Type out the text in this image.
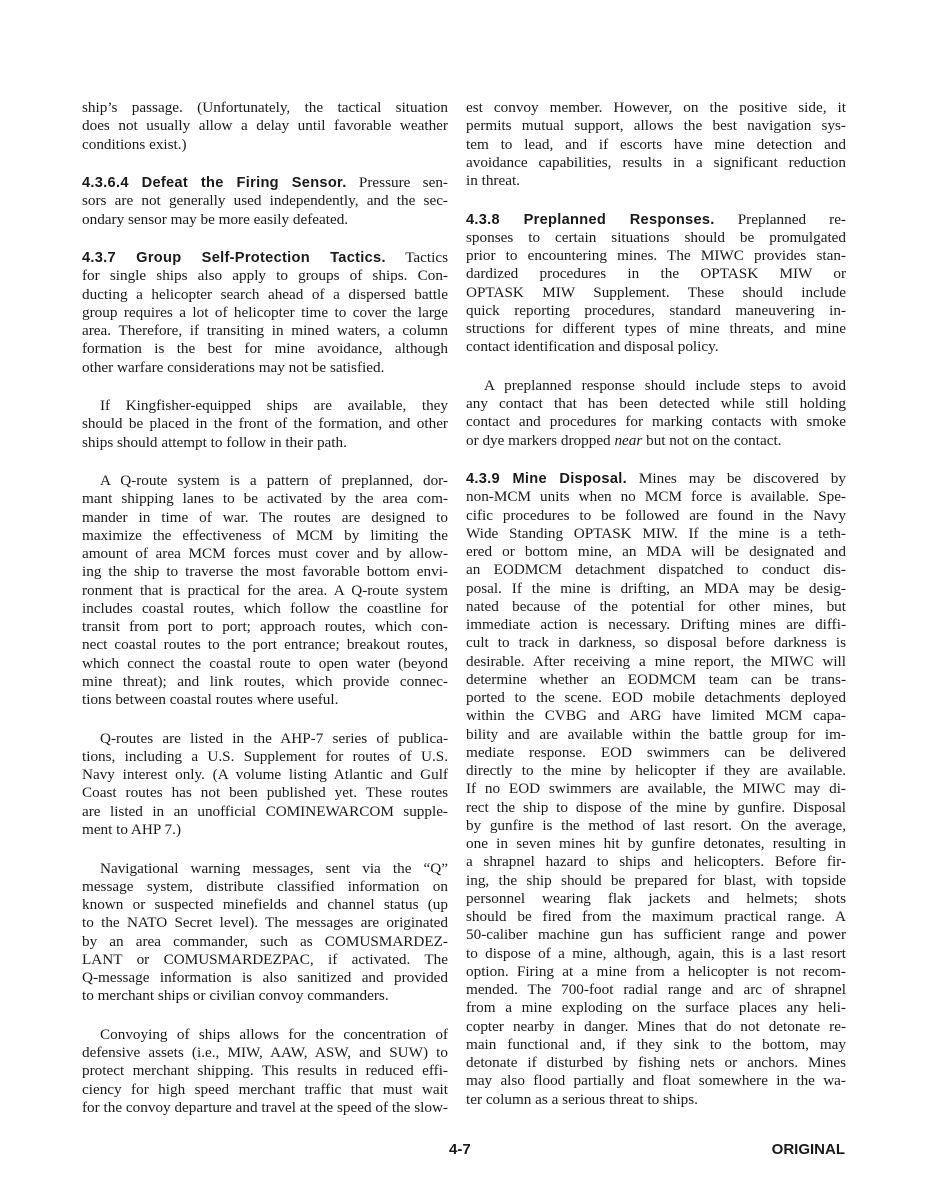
ship’s passage. (Unfortunately, the tactical situation
does not usually allow a delay until favorable weather
conditions exist.)
4.3.6.4 Defeat the Firing Sensor. Pressure sen-
sors are not generally used independently, and the sec-
ondary sensor may be more easily defeated.
4.3.7 Group Self-Protection Tactics. Tactics
for single ships also apply to groups of ships. Con-
ducting a helicopter search ahead of a dispersed battle
group requires a lot of helicopter time to cover the large
area. Therefore, if transiting in mined waters, a column
formation is the best for mine avoidance, although
other warfare considerations may not be satisfied.
If Kingfisher-equipped ships are available, they
should be placed in the front of the formation, and other
ships should attempt to follow in their path.
A Q-route system is a pattern of preplanned, dor-
mant shipping lanes to be activated by the area com-
mander in time of war. The routes are designed to
maximize the effectiveness of MCM by limiting the
amount of area MCM forces must cover and by allow-
ing the ship to traverse the most favorable bottom envi-
ronment that is practical for the area. A Q-route system
includes coastal routes, which follow the coastline for
transit from port to port; approach routes, which con-
nect coastal routes to the port entrance; breakout routes,
which connect the coastal route to open water (beyond
mine threat); and link routes, which provide connec-
tions between coastal routes where useful.
Q-routes are listed in the AHP-7 series of publica-
tions, including a U.S. Supplement for routes of U.S.
Navy interest only. (A volume listing Atlantic and Gulf
Coast routes has not been published yet. These routes
are listed in an unofficial COMINEWARCOM supple-
ment to AHP 7.)
Navigational warning messages, sent via the “Q”
message system, distribute classified information on
known or suspected minefields and channel status (up
to the NATO Secret level). The messages are originated
by an area commander, such as COMUSMARDEZ-
LANT or COMUSMARDEZPAC, if activated. The
Q-message information is also sanitized and provided
to merchant ships or civilian convoy commanders.
Convoying of ships allows for the concentration of
defensive assets (i.e., MIW, AAW, ASW, and SUW) to
protect merchant shipping. This results in reduced effi-
ciency for high speed merchant traffic that must wait
for the convoy departure and travel at the speed of the slow-
est convoy member. However, on the positive side, it
permits mutual support, allows the best navigation sys-
tem to lead, and if escorts have mine detection and
avoidance capabilities, results in a significant reduction
in threat.
4.3.8 Preplanned Responses. Preplanned re-
sponses to certain situations should be promulgated
prior to encountering mines. The MIWC provides stan-
dardized procedures in the OPTASK MIW or
OPTASK MIW Supplement. These should include
quick reporting procedures, standard maneuvering in-
structions for different types of mine threats, and mine
contact identification and disposal policy.
A preplanned response should include steps to avoid
any contact that has been detected while still holding
contact and procedures for marking contacts with smoke
or dye markers dropped near but not on the contact.
4.3.9 Mine Disposal. Mines may be discovered by
non-MCM units when no MCM force is available. Spe-
cific procedures to be followed are found in the Navy
Wide Standing OPTASK MIW. If the mine is a teth-
ered or bottom mine, an MDA will be designated and
an EODMCM detachment dispatched to conduct dis-
posal. If the mine is drifting, an MDA may be desig-
nated because of the potential for other mines, but
immediate action is necessary. Drifting mines are diffi-
cult to track in darkness, so disposal before darkness is
desirable. After receiving a mine report, the MIWC will
determine whether an EODMCM team can be trans-
ported to the scene. EOD mobile detachments deployed
within the CVBG and ARG have limited MCM capa-
bility and are available within the battle group for im-
mediate response. EOD swimmers can be delivered
directly to the mine by helicopter if they are available.
If no EOD swimmers are available, the MIWC may di-
rect the ship to dispose of the mine by gunfire. Disposal
by gunfire is the method of last resort. On the average,
one in seven mines hit by gunfire detonates, resulting in
a shrapnel hazard to ships and helicopters. Before fir-
ing, the ship should be prepared for blast, with topside
personnel wearing flak jackets and helmets; shots
should be fired from the maximum practical range. A
50-caliber machine gun has sufficient range and power
to dispose of a mine, although, again, this is a last resort
option. Firing at a mine from a helicopter is not recom-
mended. The 700-foot radial range and arc of shrapnel
from a mine exploding on the surface places any heli-
copter nearby in danger. Mines that do not detonate re-
main functional and, if they sink to the bottom, may
detonate if disturbed by fishing nets or anchors. Mines
may also flood partially and float somewhere in the wa-
ter column as a serious threat to ships.
4-7	ORIGINAL
